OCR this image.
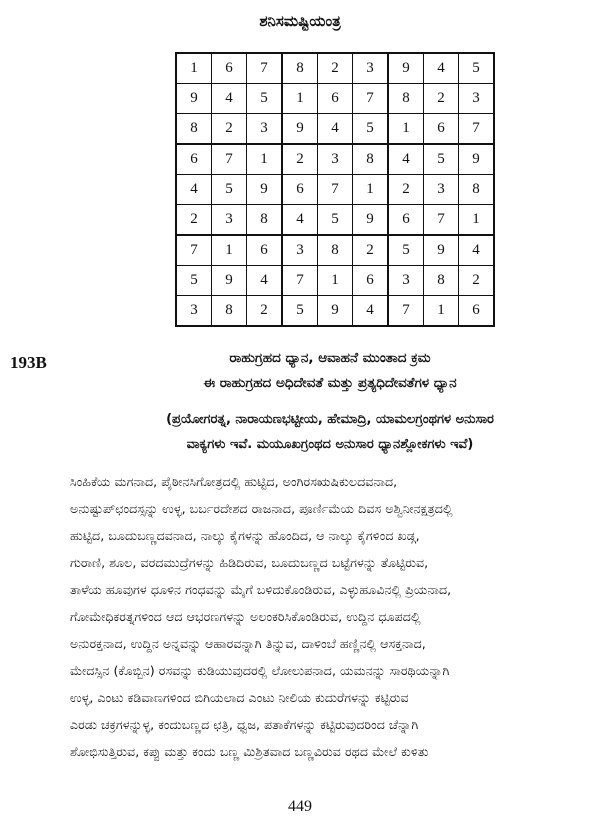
ಶನಿಸಮಷ್ಟಿಯಂತ್ರ
1	6	7	8	2	3	9	4	5
9	4	5	1	6	7	8	2	3
8	2	3	9	4	5	1	6	7
6	7	1	2	3	8	4	5	9
4	5	9	6	7	1	2	3	8
2	3	8	4	5	9	6	7	1
7	1	6	3	8	2	5	9	4
5	9	4	7	1	6	3	8	2
3	8	2	5	9	4	7	1	6
193B	ರಾಹುಗ್ರಹದ ಧ್ಯಾನ, ಆವಾಹನೆ ಮುಂತಾದ ಕ್ರಮ
ಈ ರಾಹುಗ್ರಹದ ಅಧಿದೇವತೆ ಮತ್ತು ಪ್ರತ್ಯಧಿದೇವತೆಗಳ ಧ್ಯಾನ
(ಪ್ರಯೋಗರತ್ನ, ನಾರಾಯಣಭಟ್ಟೀಯ, ಹೇಮಾದ್ರಿ, ಯಾಮಲಗ್ರಂಥಗಳ ಅನುಸಾರ
ವಾಕ್ಯಗಳು ಇವೆ. ಮಯೂಖಗ್ರಂಥದ ಅನುಸಾರ ಧ್ಯಾನಶ್ಲೋಕಗಳು ಇವೆ)
ಸಿಂಹಿಕೆಯ ಮಗನಾದ, ಪೈಠೀನಸಿಗೋತ್ರದಲ್ಲಿ ಹುಟ್ಟಿದ, ಅಂಗಿರಸಋಷಿಕುಲದವನಾದ,
ಅನುಷ್ಟುಪ್‌ಛಂದಸ್ಸನ್ನು ಉಳ್ಳ, ಬರ್ಬರದೇಶದ ರಾಜನಾದ, ಪೂರ್ಣಿಮೆಯ ದಿವಸ ಅಶ್ವಿನೀನಕ್ಷತ್ರದಲ್ಲಿ
ಹುಟ್ಟಿದ, ಬೂದುಬಣ್ಣದವನಾದ, ನಾಲ್ಕು ಕೈಗಳನ್ನು ಹೊಂದಿದ, ಆ ನಾಲ್ಕು ಕೈಗಳಿಂದ ಖಡ್ಗ,
ಗುರಾಣಿ, ಶೂಲ, ವರದಮುದ್ರೆಗಳನ್ನು ಹಿಡಿದಿರುವ, ಬೂದುಬಣ್ಣದ ಬಟ್ಟೆಗಳನ್ನು ತೊಟ್ಟಿರುವ,
ತಾಳೆಯ ಹೂವುಗಳ ಧೂಳಿನ ಗಂಧವನ್ನು ಮೈಗೆ ಬಳಿದುಕೊಂಡಿರುವ, ಎಳ್ಳುಹೂವಿನಲ್ಲಿ ಪ್ರಿಯನಾದ,
ಗೋಮೇಧಿಕರತ್ನಗಳಿಂದ ಆದ ಆಭರಣಗಳನ್ನು ಅಲಂಕರಿಸಿಕೊಂಡಿರುವ, ಉದ್ದಿನ ಧೂಪದಲ್ಲಿ
ಅನುರಕ್ತನಾದ, ಉದ್ದಿನ ಅನ್ನವನ್ನು ಆಹಾರವನ್ನಾಗಿ ತಿನ್ನುವ, ದಾಳಿಂಬೆ ಹಣ್ಣಿನಲ್ಲಿ ಆಸಕ್ತನಾದ,
ಮೇದಸ್ಸಿನ (ಕೊಬ್ಬಿನ) ರಸವನ್ನು ಕುಡಿಯುವುದರಲ್ಲಿ ಲೋಲುಪನಾದ, ಯಮನನ್ನು ಸಾರಥಿಯನ್ನಾಗಿ
ಉಳ್ಳ, ಎಂಟು ಕಡಿವಾಣಗಳಿಂದ ಬಿಗಿಯಲಾದ ಎಂಟು ನೀಲಿಯ ಕುದುರೆಗಳನ್ನು ಕಟ್ಟಿರುವ
ಎರಡು ಚಕ್ರಗಳನ್ನುಳ್ಳ, ಕಂದುಬಣ್ಣದ ಛತ್ರಿ, ಧ್ವಜ, ಪತಾಕೆಗಳನ್ನು ಕಟ್ಟಿರುವುದರಿಂದ ಚೆನ್ನಾಗಿ
ಶೋಭಿಸುತ್ತಿರುವ, ಕಪ್ಪು ಮತ್ತು ಕಂದು ಬಣ್ಣ ಮಿಶ್ರಿತವಾದ ಬಣ್ಣವಿರುವ ರಥದ ಮೇಲೆ ಕುಳಿತು
449
